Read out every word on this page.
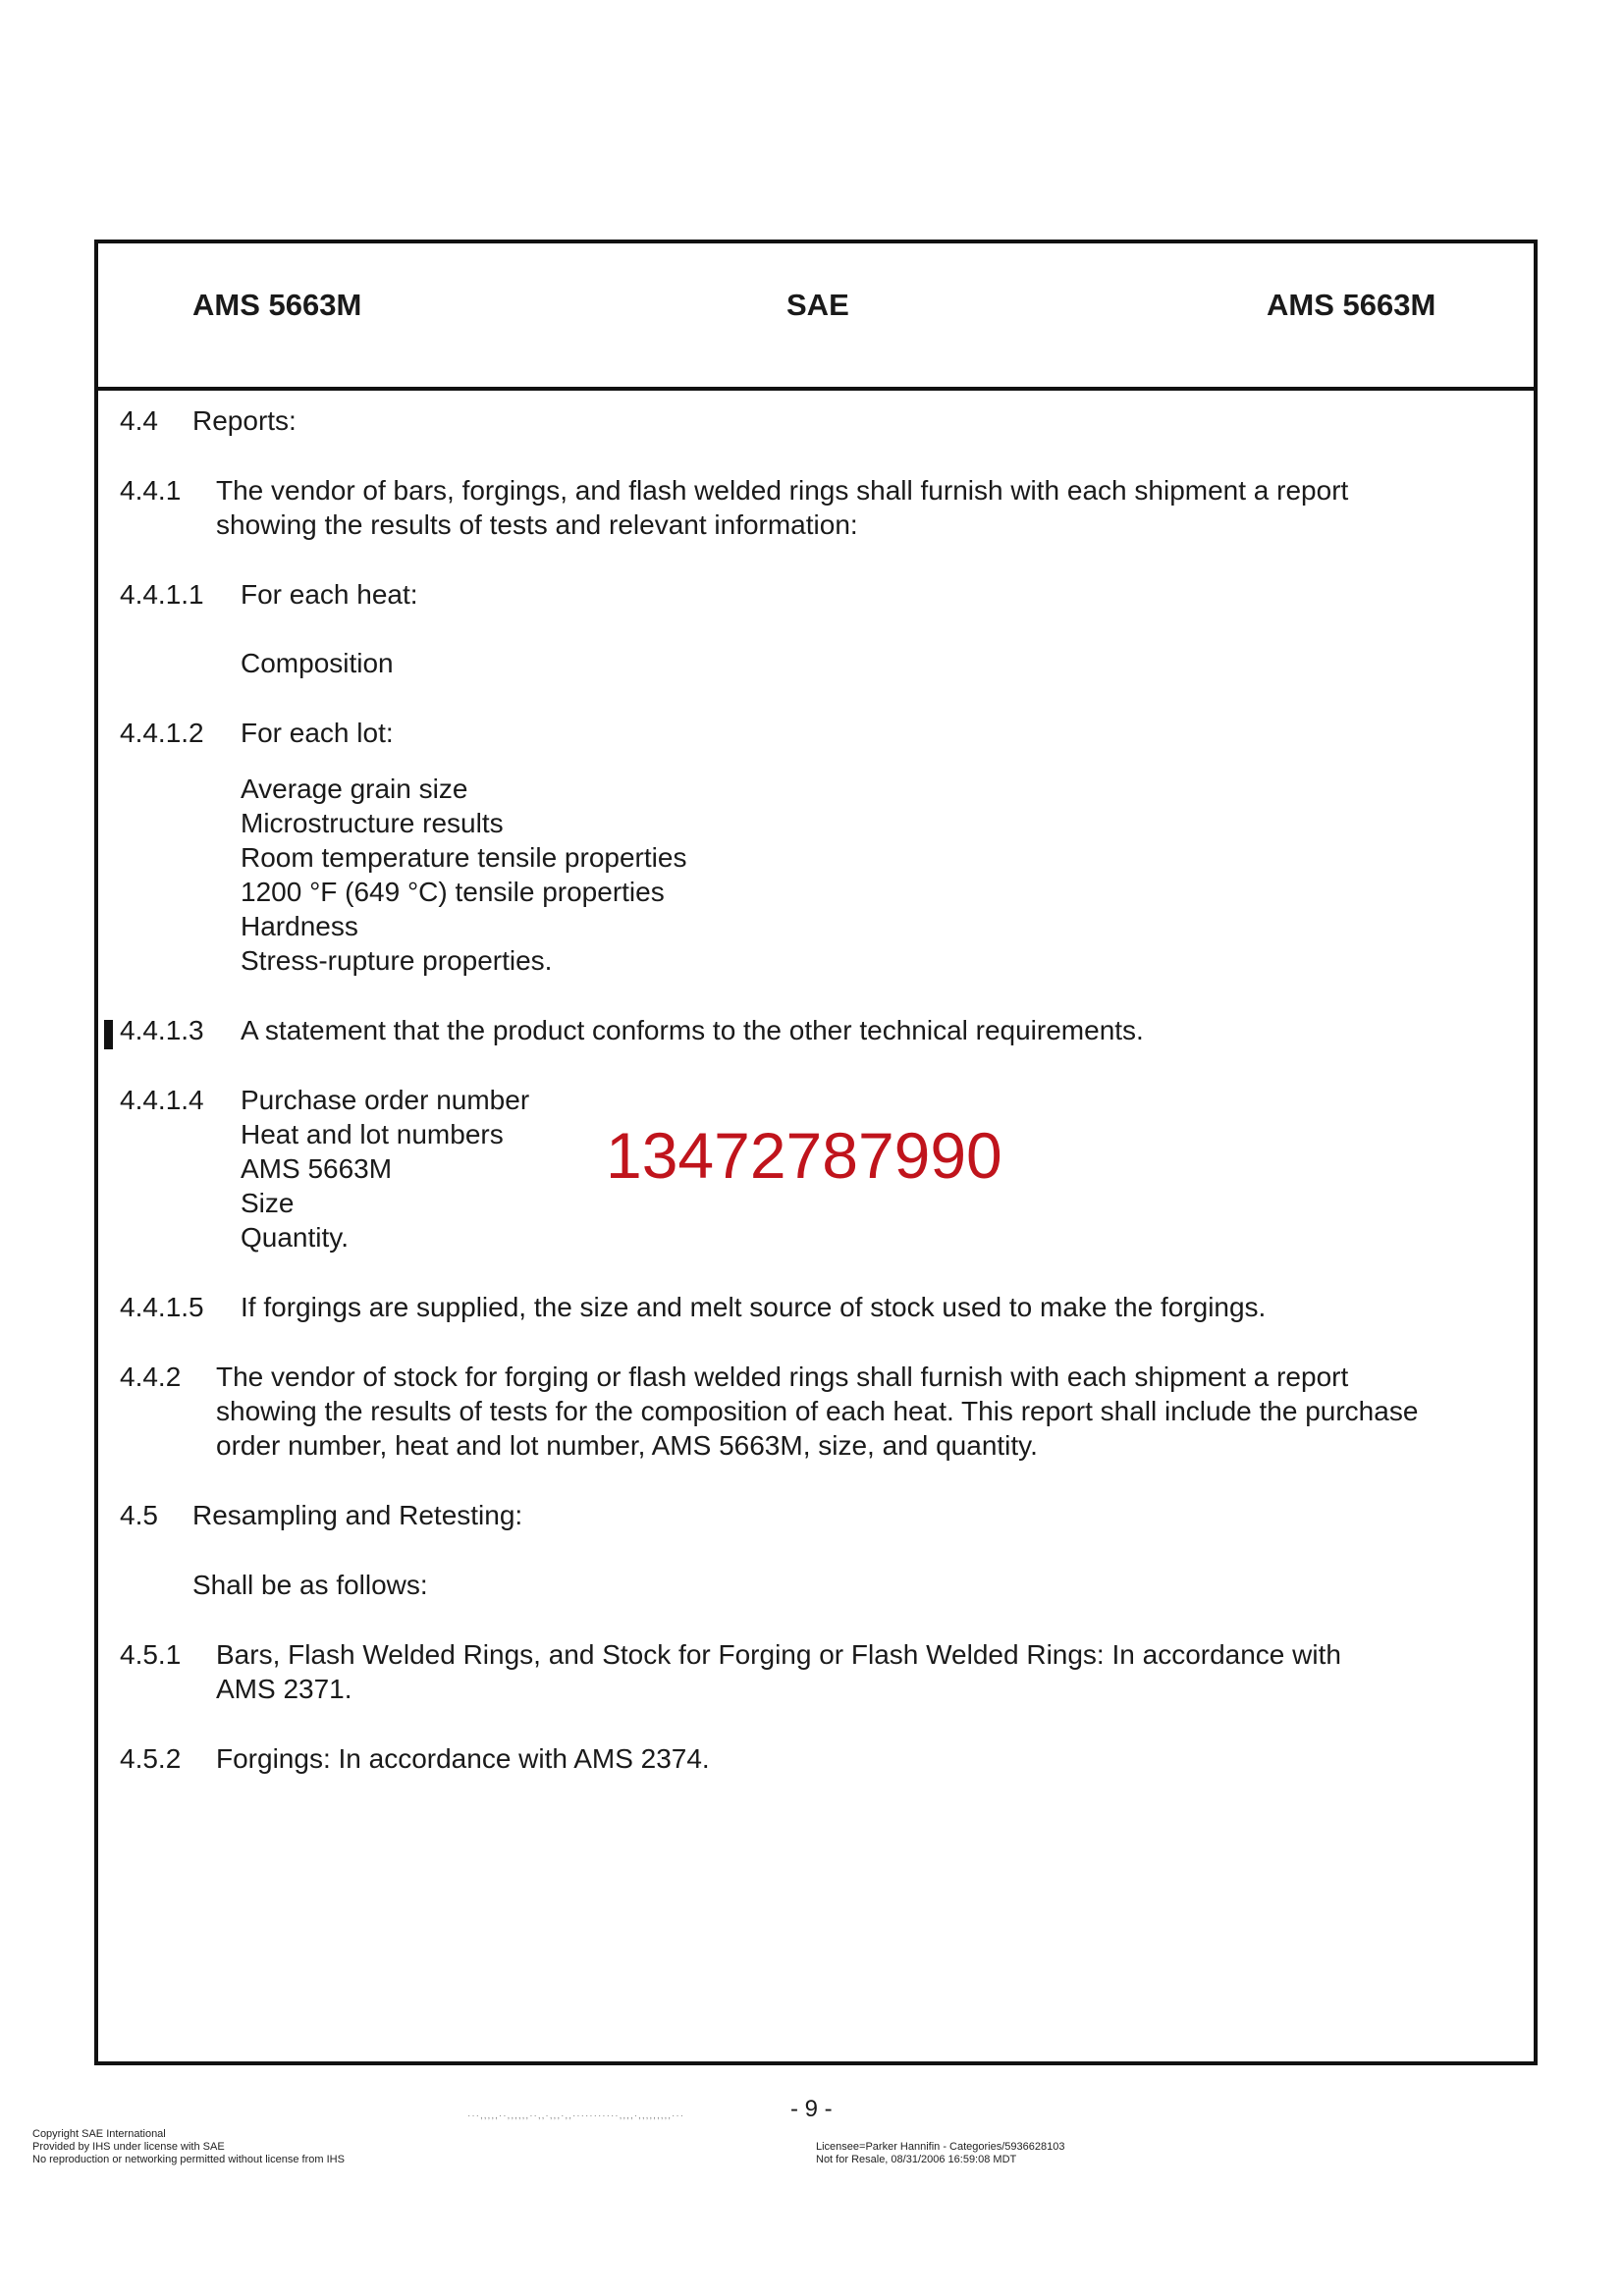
AMS 5663M	SAE	AMS 5663M
4.4 Reports:
4.4.1 The vendor of bars, forgings, and flash welded rings shall furnish with each shipment a report
showing the results of tests and relevant information:
4.4.1.1 For each heat:
Composition
4.4.1.2 For each lot:
Average grain size
Microstructure results
Room temperature tensile properties
1200 °F (649 °C) tensile properties
Hardness
Stress-rupture properties.
4.4.1.3 A statement that the product conforms to the other technical requirements.
4.4.1.4 Purchase order number
Heat and lot numbers
AMS 5663M
Size
Quantity.
13472787990
4.4.1.5 If forgings are supplied, the size and melt source of stock used to make the forgings.
4.4.2 The vendor of stock for forging or flash welded rings shall furnish with each shipment a report
showing the results of tests for the composition of each heat. This report shall include the purchase
order number, heat and lot number, AMS 5663M, size, and quantity.
4.5 Resampling and Retesting:
Shall be as follows:
4.5.1 Bars, Flash Welded Rings, and Stock for Forging or Flash Welded Rings: In accordance with
AMS 2371.
4.5.2 Forgings: In accordance with AMS 2374.
···,,,,,··,,,,,,··,,·,,,·,,···········,,,,·,,,,,,,,,···	- 9 -
Copyright SAE International
Provided by IHS under license with SAE
No reproduction or networking permitted without license from IHS
Licensee=Parker Hannifin - Categories/5936628103
Not for Resale, 08/31/2006 16:59:08 MDT
